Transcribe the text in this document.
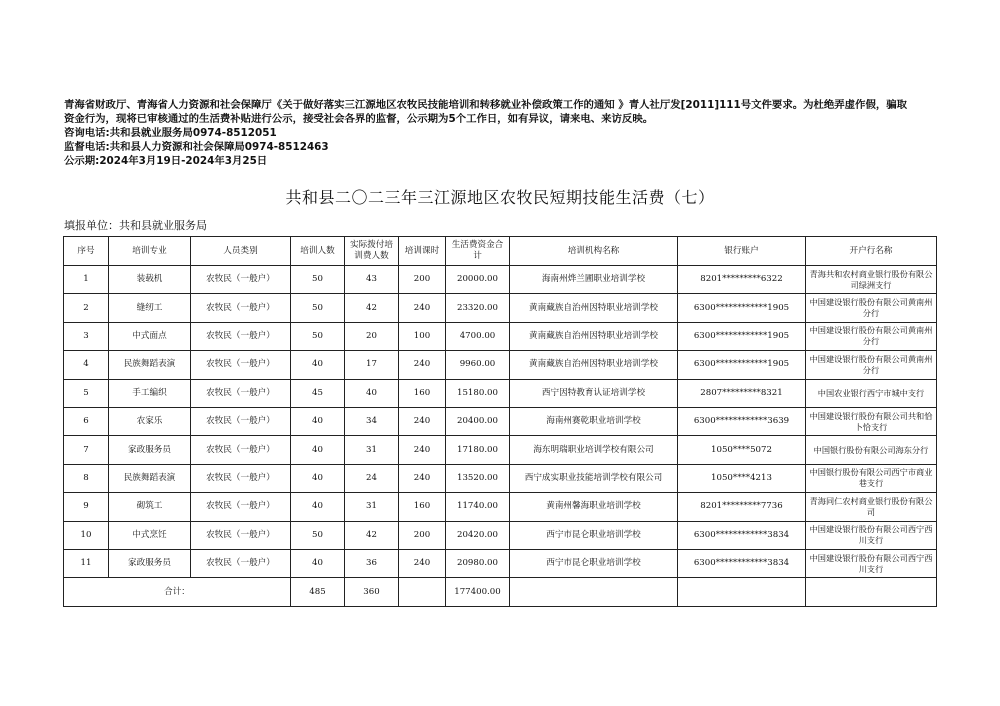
青海省财政厅、青海省人力资源和社会保障厅《关于做好落实三江源地区农牧民技能培训和转移就业补偿政策工作的通知 》青人社厅发[2011]111号文件要求。为杜绝弄虚作假，骗取
资金行为，现将已审核通过的生活费补贴进行公示，接受社会各界的监督，公示期为5个工作日，如有异议，请来电、来访反映。
咨询电话:共和县就业服务局0974-8512051
监督电话:共和县人力资源和社会保障局0974-8512463
公示期:2024年3月19日-2024年3月25日
共和县二〇二三年三江源地区农牧民短期技能生活费（七）
填报单位：共和县就业服务局
序号	培训专业	人员类别	培训人数	实际拨付培训费人数	培训课时	生活费资金合计	培训机构名称	银行账户	开户行名称
1	装载机	农牧民（一般户）	50	43	200	20000.00	海南州烨兰圃职业培训学校	8201*********6322	青海共和农村商业银行股份有限公司绿洲支行
2	缝纫工	农牧民（一般户）	50	42	240	23320.00	黄南藏族自治州因特职业培训学校	6300************1905	中国建设银行股份有限公司黄南州分行
3	中式面点	农牧民（一般户）	50	20	100	4700.00	黄南藏族自治州因特职业培训学校	6300************1905	中国建设银行股份有限公司黄南州分行
4	民族舞蹈表演	农牧民（一般户）	40	17	240	9960.00	黄南藏族自治州因特职业培训学校	6300************1905	中国建设银行股份有限公司黄南州分行
5	手工编织	农牧民（一般户）	45	40	160	15180.00	西宁因特教育认证培训学校	2807*********8321	中国农业银行西宁市城中支行
6	农家乐	农牧民（一般户）	40	34	240	20400.00	海南州赛乾职业培训学校	6300************3639	中国建设银行股份有限公司共和恰卜恰支行
7	家政服务员	农牧民（一般户）	40	31	240	17180.00	海东明瑞职业培训学校有限公司	1050****5072	中国银行股份有限公司海东分行
8	民族舞蹈表演	农牧民（一般户）	40	24	240	13520.00	西宁成实职业技能培训学校有限公司	1050****4213	中国银行股份有限公司西宁市商业巷支行
9	砌筑工	农牧民（一般户）	40	31	160	11740.00	黄南州馨海职业培训学校	8201*********7736	青海同仁农村商业银行股份有限公司
10	中式烹饪	农牧民（一般户）	50	42	200	20420.00	西宁市昆仑职业培训学校	6300************3834	中国建设银行股份有限公司西宁西川支行
11	家政服务员	农牧民（一般户）	40	36	240	20980.00	西宁市昆仑职业培训学校	6300************3834	中国建设银行股份有限公司西宁西川支行
合计：			485	360		177400.00			
